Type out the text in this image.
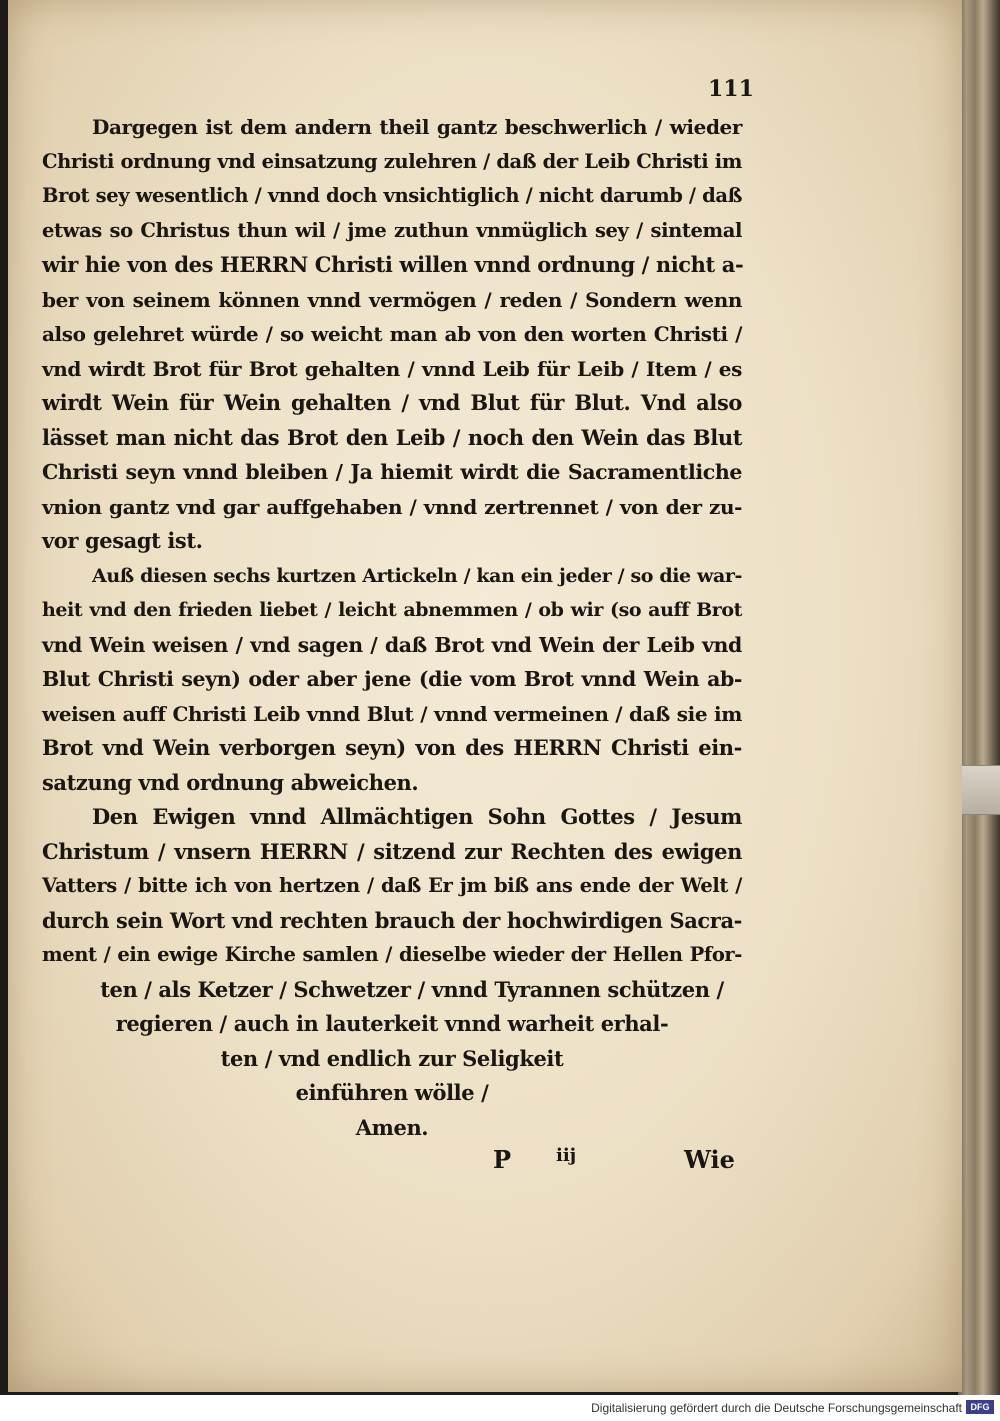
111
Dargegen ist dem andern theil gantz beschwerlich / wieder
Christi ordnung vnd einsatzung zulehren / daß der Leib Christi im
Brot sey wesentlich / vnnd doch vnsichtiglich / nicht darumb / daß
etwas so Christus thun wil / jme zuthun vnmüglich sey / sintemal
wir hie von des HERRN Christi willen vnnd ordnung / nicht a-
ber von seinem können vnnd vermögen / reden / Sondern wenn
also gelehret würde / so weicht man ab von den worten Christi /
vnd wirdt Brot für Brot gehalten / vnnd Leib für Leib / Item / es
wirdt Wein für Wein gehalten / vnd Blut für Blut. Vnd also
lässet man nicht das Brot den Leib / noch den Wein das Blut
Christi seyn vnnd bleiben / Ja hiemit wirdt die Sacramentliche
vnion gantz vnd gar auffgehaben / vnnd zertrennet / von der zu-
vor gesagt ist.
Auß diesen sechs kurtzen Artickeln / kan ein jeder / so die war-
heit vnd den frieden liebet / leicht abnemmen / ob wir (so auff Brot
vnd Wein weisen / vnd sagen / daß Brot vnd Wein der Leib vnd
Blut Christi seyn) oder aber jene (die vom Brot vnnd Wein ab-
weisen auff Christi Leib vnnd Blut / vnnd vermeinen / daß sie im
Brot vnd Wein verborgen seyn) von des HERRN Christi ein-
satzung vnd ordnung abweichen.
Den Ewigen vnnd Allmächtigen Sohn Gottes / Jesum
Christum / vnsern HERRN / sitzend zur Rechten des ewigen
Vatters / bitte ich von hertzen / daß Er jm biß ans ende der Welt /
durch sein Wort vnd rechten brauch der hochwirdigen Sacra-
ment / ein ewige Kirche samlen / dieselbe wieder der Hellen Pfor-
ten / als Ketzer / Schwetzer / vnnd Tyrannen schützen /
regieren / auch in lauterkeit vnnd warheit erhal-
ten / vnd endlich zur Seligkeit
einführen wölle /
Amen.
P iij	Wie
Digitalisierung gefördert durch die Deutsche Forschungsgemeinschaft DFG
